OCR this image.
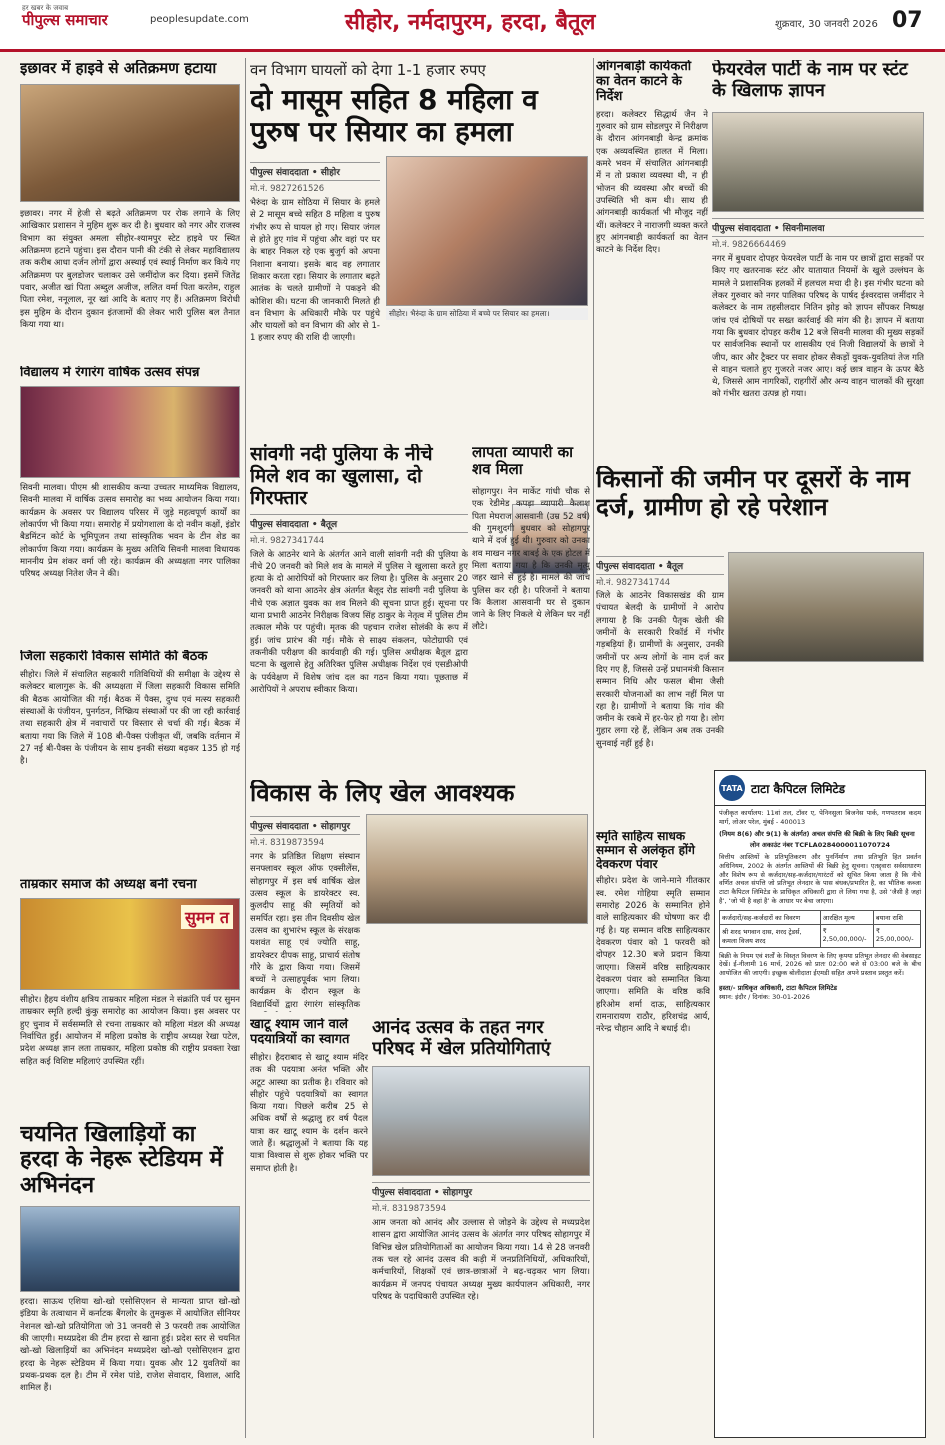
हर खबर के जवाब
पीपुल्स समाचार	peoplesupdate.com	सीहोर, नर्मदापुरम, हरदा, बैतूल	शुक्रवार, 30 जनवरी 2026 07
इछावर में हाइवे से अतिक्रमण हटाया
इछावर। नगर में हेजी से बढ़ते अतिक्रमण पर रोक लगाने के लिए आखिकार प्रशासन ने मुहिम शुरू कर दी है। बुधवार को नगर और राजस्व विभाग का संयुक्त अमला सीहोर-श्यामपुर स्टेट हाइवे पर स्थित अतिक्रमण हटाने पहुंचा। इस दौरान पानी की टंकी से लेकर महाविद्यालय तक करीब आधा दर्जन लोगों द्वारा अस्थाई एवं स्थाई निर्माण कर किये गए अतिक्रमण पर बुलडोजर चलाकर उसे जमींदोज कर दिया। इसमें जितेंद्र पवार, अजीत खां पिता अब्दुल अजीज, ललित वर्मा पिता करतेम, राहुल पिता रमेश, ननूलाल, नूर खां आदि के बताए गए हैं। अतिक्रमण विरोधी इस मुहिम के दौरान दुकान इंतजामों की लेकर भारी पुलिस बल तैनात किया गया था।
वन विभाग घायलों को देगा 1-1 हजार रुपए
दो मासूम सहित 8 महिला व पुरुष पर सियार का हमला
पीपुल्स संवाददाता • सीहोर
मो.नं. 9827261526
भैरुंदा के ग्राम सोठिया में सियार के हमले से 2 मासूम बच्चे सहित 8 महिला व पुरुष गंभीर रूप से घायल हो गए। सियार जंगल से होते हुए गांव में पहुंचा और वहां पर घर के बाहर निकल रहे एक बुजुर्ग को अपना निशाना बनाया। इसके बाद वह लगातार शिकार करता रहा। सियार के लगातार बढ़ते आतंक के चलते ग्रामीणों ने पकड़ने की कोशिश की। घटना की जानकारी मिलते ही वन विभाग के अधिकारी मौके पर पहुंचे और घायलों को वन विभाग की ओर से 1-1 हजार रुपए की राशि दी जाएगी।
सीहोर। भैरुंदा के ग्राम सोठिया में बच्चे पर सियार का हमला।
आंगनबाड़ी कार्यकर्ता का वेतन काटने के निर्देश
हरदा। कलेक्टर सिद्धार्थ जैन ने गुरुवार को ग्राम सोडलपुर में निरीक्षण के दौरान आंगनबाड़ी केन्द्र क्रमांक एक अव्यवस्थित हालत में मिला। कमरे भवन में संचालित आंगनबाड़ी में न तो प्रकाश व्यवस्था थी, न ही भोजन की व्यवस्था और बच्चों की उपस्थिति भी कम थी। साथ ही आंगनबाड़ी कार्यकर्ता भी मौजूद नहीं थीं। कलेक्टर ने नाराजगी व्यक्त करते हुए आंगनबाड़ी कार्यकर्ता का वेतन काटने के निर्देश दिए।
फेयरवेल पार्टी के नाम पर स्टंट के खिलाफ ज्ञापन
पीपुल्स संवाददाता • सिवनीमालवा
मो.नं. 9826664469
नगर में बुधवार दोपहर फेयरवेल पार्टी के नाम पर छात्रों द्वारा सड़कों पर किए गए खतरनाक स्टंट और यातायात नियमों के खुले उल्लंघन के मामले ने प्रशासनिक हलकों में हलचल मचा दी है। इस गंभीर घटना को लेकर गुरुवार को नगर पालिका परिषद के पार्षद ईश्वरदास जमींदार ने कलेक्टर के नाम तहसीलदार नितिन झोड़ को ज्ञापन सौंपकर निष्पक्ष जांच एवं दोषियों पर सख्त कार्रवाई की मांग की है। ज्ञापन में बताया गया कि बुधवार दोपहर करीब 12 बजे सिवनी मालवा की मुख्य सड़कों पर सार्वजनिक स्थानों पर शासकीय एवं निजी विद्यालयों के छात्रों ने जीप, कार और ट्रैक्टर पर सवार होकर सैकड़ों युवक-युवतियां तेज गति से वाहन चलाते हुए गुजरते नजर आए। कई छात्र वाहन के ऊपर बैठे थे, जिससे आम नागरिकों, राहगीरों और अन्य वाहन चालकों की सुरक्षा को गंभीर खतरा उत्पन्न हो गया।
विद्यालय में रंगारंग वार्षिक उत्सव संपन्न
सिवनी मालवा। पीएम श्री शासकीय कन्या उच्चतर माध्यमिक विद्यालय, सिवनी मालवा में वार्षिक उत्सव समारोह का भव्य आयोजन किया गया। कार्यक्रम के अवसर पर विद्यालय परिसर में जुड़े महत्वपूर्ण कार्यों का लोकार्पण भी किया गया। समारोह में प्रयोगशाला के दो नवीन कक्षों, इंडोर बैडमिंटन कोर्ट के भूमिपूजन तथा सांस्कृतिक भवन के टीन शेड का लोकार्पण किया गया। कार्यक्रम के मुख्य अतिथि सिवनी मालवा विधायक माननीय प्रेम शंकर वर्मा जी रहे। कार्यक्रम की अध्यक्षता नगर पालिका परिषद अध्यक्ष नितेश जैन ने की।
सांवगी नदी पुलिया के नीचे मिले शव का खुलासा, दो गिरफ्तार
पीपुल्स संवाददाता • बैतूल
मो.नं. 9827341744
जिले के आठनेर थाने के अंतर्गत आने वाली सांवगी नदी की पुलिया के नीचे 20 जनवरी को मिले शव के मामले में पुलिस ने खुलासा करते हुए हत्या के दो आरोपियों को गिरफ्तार कर लिया है। पुलिस के अनुसार 20 जनवरी को थाना आठनेर क्षेत्र अंतर्गत बैलूद रोड सांवगी नदी पुलिया के नीचे एक अज्ञात युवक का शव मिलने की सूचना प्राप्त हुई। सूचना पर थाना प्रभारी आठनेर निरीक्षक विजय सिंह ठाकुर के नेतृत्व में पुलिस टीम तत्काल मौके पर पहुंची। मृतक की पहचान राजेश सोलंकी के रूप में हुई। जांच प्रारंभ की गई। मौके से साक्ष्य संकलन, फोटोग्राफी एवं तकनीकी परीक्षण की कार्यवाही की गई। पुलिस अधीक्षक बैतूल द्वारा घटना के खुलासे हेतु अतिरिक्त पुलिस अधीक्षक निर्देश एवं एसडीओपी के पर्यवेक्षण में विशेष जांच दल का गठन किया गया। पूछताछ में आरोपियों ने अपराध स्वीकार किया।
लापता व्यापारी का शव मिला
सोहागपुर। नेन मार्केट गांधी चौक से एक रेडीमेड कपड़ा व्यापारी कैलाश पिता मेघराज आसवानी (उम्र 52 वर्ष) की गुमशुदगी बुधवार को सोहागपुर थाने में दर्ज हुई थी। गुरुवार को उनका शव माखन नगर बाबई के एक होटल में मिला बताया गया है कि उनकी मृत्यु जहर खाने से हुई है। मामले की जांच पुलिस कर रही है। परिजनों ने बताया कि कैलाश आसवानी घर से दुकान जाने के लिए निकले थे लेकिन घर नहीं लौटे।
किसानों की जमीन पर दूसरों के नाम दर्ज, ग्रामीण हो रहे परेशान
पीपुल्स संवाददाता • बैतूल
मो.नं. 9827341744
जिले के आठनेर विकासखंड की ग्राम पंचायत बेलदी के ग्रामीणों ने आरोप लगाया है कि उनकी पैतृक खेती की जमीनों के सरकारी रिकॉर्ड में गंभीर गड़बड़ियां हैं। ग्रामीणों के अनुसार, उनकी जमीनों पर अन्य लोगों के नाम दर्ज कर दिए गए हैं, जिससे उन्हें प्रधानमंत्री किसान सम्मान निधि और फसल बीमा जैसी सरकारी योजनाओं का लाभ नहीं मिल पा रहा है। ग्रामीणों ने बताया कि गांव की जमीन के रकबे में हर-फेर हो गया है। लोग गुहार लगा रहे हैं, लेकिन अब तक उनकी सुनवाई नहीं हुई है।
जिला सहकारी विकास समिति की बैठक
सीहोर। जिले में संचालित सहकारी गतिविधियों की समीक्षा के उद्देश्य से कलेक्टर बालागुरू के. की अध्यक्षता में जिला सहकारी विकास समिति की बैठक आयोजित की गई। बैठक में पैक्स, दुग्ध एवं मत्स्य सहकारी संस्थाओं के पंजीयन, पुनर्गठन, निष्क्रिय संस्थाओं पर की जा रही कार्रवाई तथा सहकारी क्षेत्र में नवाचारों पर विस्तार से चर्चा की गई। बैठक में बताया गया कि जिले में 108 बी-पैक्स पंजीकृत थीं, जबकि वर्तमान में 27 नई बी-पैक्स के पंजीयन के साथ इनकी संख्या बढ़कर 135 हो गई है।
ताम्रकार समाज की अध्यक्ष बनीं रचना
सुमन त
सीहोर। हैहय वंशीय क्षत्रिय ताम्रकार महिला मंडल ने संक्रांति पर्व पर सुमन ताम्रकार स्मृति हल्दी कुंकु समारोह का आयोजन किया। इस अवसर पर हुए चुनाव में सर्वसम्मति से रचना ताम्रकार को महिला मंडल की अध्यक्ष निर्वाचित हुईं। आयोजन में महिला प्रकोष्ठ के राष्ट्रीय अध्यक्ष रेखा पटेल, प्रदेश अध्यक्ष ज्ञान लता ताम्रकार, महिला प्रकोष्ठ की राष्ट्रीय प्रवक्ता रेखा सहित कई विशिष्ट महिलाएं उपस्थित रहीं।
विकास के लिए खेल आवश्यक
पीपुल्स संवाददाता • सोहागपुर
मो.नं. 8319873594
नगर के प्रतिष्ठित शिक्षण संस्थान सनफ्लावर स्कूल ऑफ एक्सीलेंस, सोहागपुर में इस वर्ष वार्षिक खेल उत्सव स्कूल के डायरेक्टर स्व. कुलदीप साहू की स्मृतियों को समर्पित रहा। इस तीन दिवसीय खेल उत्सव का शुभारंभ स्कूल के संरक्षक यशवंत साहू एवं ज्योति साहू, डायरेक्टर दीपक साहू, प्राचार्य संतोष गौरे के द्वारा किया गया। जिसमें बच्चों ने उत्साहपूर्वक भाग लिया। कार्यक्रम के दौरान स्कूल के विद्यार्थियों द्वारा रंगारंग सांस्कृतिक
स्मृति साहित्य साधक सम्मान से अलंकृत होंगे देवकरण पंवार
सीहोर। प्रदेश के जाने-माने गीतकार स्व. रमेश गोहिया स्मृति सम्मान समारोह 2026 के सम्मानित होने वाले साहित्यकार की घोषणा कर दी गई है। यह सम्मान वरिष्ठ साहित्यकार देवकरण पंवार को 1 फरवरी को दोपहर 12.30 बजे प्रदान किया जाएगा। जिसमें वरिष्ठ साहित्यकार देवकरण पंवार को सम्मानित किया जाएगा। समिति के वरिष्ठ कवि हरिओम शर्मा दाऊ, साहित्यकार रामनारायण राठौर, हरिशचंद्र आर्य, नरेन्द्र चौहान आदि ने बधाई दी।
चयनित खिलाड़ियों का हरदा के नेहरू स्टेडियम में अभिनंदन
हरदा। साऊथ एशिया खो-खो एसोसिएशन से मान्यता प्राप्त खो-खो इंडिया के तत्वाधान में कर्नाटक बैंगलोर के तुमकुरू में आयोजित सीनियर नेशनल खो-खो प्रतियोगिता जो 31 जनवरी से 3 फरवरी तक आयोजित की जाएगी। मध्यप्रदेश की टीम हरदा से खाना हुई। प्रदेश स्तर से चयनित खो-खो खिलाड़ियों का अभिनंदन मध्यप्रदेश खो-खो एसोसिएशन द्वारा हरदा के नेहरू स्टेडियम में किया गया। युवक और 12 युवतियों का प्रथक-प्रथक दल है। टीम में रमेश पांडे, राजेश सेवादार, विशाल, आदि शामिल हैं।
खाटू श्याम जाने वाले पदयात्रियों का स्वागत
सीहोर। हैदराबाद से खाटू श्याम मंदिर तक की पदयात्रा अनंत भक्ति और अटूट आस्था का प्रतीक है। रविवार को सीहोर पहुंचे पदयात्रियों का स्वागत किया गया। पिछले करीब 25 से अधिक वर्षों से श्रद्धालु हर वर्ष पैदल यात्रा कर खाटू श्याम के दर्शन करने जाते हैं। श्रद्धालुओं ने बताया कि यह यात्रा विश्वास से शुरू होकर भक्ति पर समाप्त होती है।
आनंद उत्सव के तहत नगर परिषद में खेल प्रतियोगिताएं
पीपुल्स संवाददाता • सोहागपुर
मो.नं. 8319873594
आम जनता को आनंद और उल्लास से जोड़ने के उद्देश्य से मध्यप्रदेश शासन द्वारा आयोजित आनंद उत्सव के अंतर्गत नगर परिषद सोहागपुर में विभिन्न खेल प्रतियोगिताओं का आयोजन किया गया। 14 से 28 जनवरी तक चल रहे आनंद उत्सव की कड़ी में जनप्रतिनिधियों, अधिकारियों, कर्मचारियों, शिक्षकों एवं छात्र-छात्राओं ने बढ़-चढ़कर भाग लिया। कार्यक्रम में जनपद पंचायत अध्यक्ष मुख्य कार्यपालन अधिकारी, नगर परिषद के पदाधिकारी उपस्थित रहे।
TATA टाटा कैपिटल लिमिटेड
पंजीकृत कार्यालय: 11वां तल, टॉवर ए, पेनिनसुला बिजनेस पार्क, गणपतराव कदम मार्ग, लोअर परेल, मुंबई - 400013
(नियम 8(6) और 9(1) के अंतर्गत) अचल संपत्ति की बिक्री के लिए बिक्री सूचना
लोन अकाउंट नंबर TCFLA0284000011070724
वित्तीय आस्तियों के प्रतिभूतिकरण और पुनर्निर्माण तथा प्रतिभूति हित प्रवर्तन अधिनियम, 2002 के अंतर्गत आस्तियों की बिक्री हेतु सूचना। एतद्द्वारा सर्वसाधारण और विशेष रूप से कर्जदार/सह-कर्जदार/गारंटरों को सूचित किया जाता है कि नीचे वर्णित अचल संपत्ति जो प्रतिभूत लेनदार के पास बंधक/प्रभारित है, का भौतिक कब्जा टाटा कैपिटल लिमिटेड के प्राधिकृत अधिकारी द्वारा ले लिया गया है, उसे ‘जैसी है जहां है’, ‘जो भी है वहां है’ के आधार पर बेचा जाएगा।
कर्जदारों/सह-कर्जदारों का विवरण	आरक्षित मूल्य	बयाना राशि
श्री शरद भगवान दास, शरद ट्रेडर्स, कमला विजय शरद	₹ 2,50,00,000/-	₹ 25,00,000/-
बिक्री के नियम एवं शर्तों के विस्तृत विवरण के लिए कृपया प्रतिभूत लेनदार की वेबसाइट देखें। ई-नीलामी 16 मार्च, 2026 को प्रातः 02:00 बजे से 03:00 बजे के बीच आयोजित की जाएगी। इच्छुक बोलीदाता ईएमडी सहित अपने प्रस्ताव प्रस्तुत करें।
हस्ता/- प्राधिकृत अधिकारी, टाटा कैपिटल लिमिटेड
स्थान: इंदौर / दिनांक: 30-01-2026
